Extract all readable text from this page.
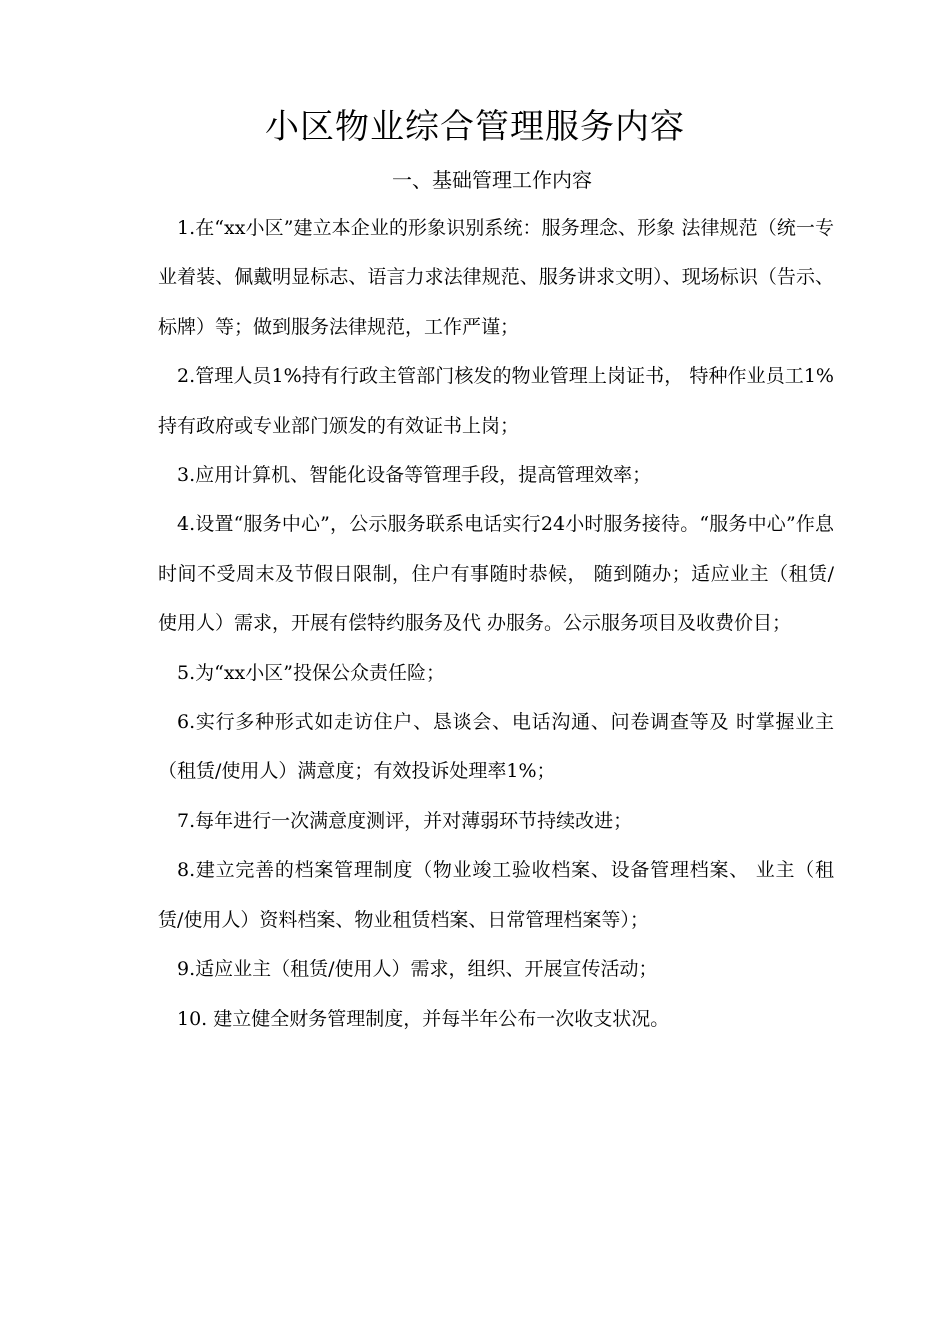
小区物业综合管理服务内容
一、基础管理工作内容

1.在“xx小区”建立本企业的形象识别系统：服务理念、形象 法律规范（统一专业着装、佩戴明显标志、语言力求法律规范、服务讲求文明）、现场标识（告示、标牌）等；做到服务法律规范，工作严谨；

2.管理人员1%持有行政主管部门核发的物业管理上岗证书， 特种作业员工1%持有政府或专业部门颁发的有效证书上岗；

3.应用计算机、智能化设备等管理手段，提高管理效率；

4.设置“服务中心”，公示服务联系电话实行24小时服务接待。“服务中心”作息时间不受周末及节假日限制，住户有事随时恭候， 随到随办；适应业主（租赁/使用人）需求，开展有偿特约服务及代 办服务。公示服务项目及收费价目；

5.为“xx小区”投保公众责任险；

6.实行多种形式如走访住户、恳谈会、电话沟通、问卷调查等及 时掌握业主（租赁/使用人）满意度；有效投诉处理率1%；

7.每年进行一次满意度测评，并对薄弱环节持续改进；

8.建立完善的档案管理制度（物业竣工验收档案、设备管理档案、 业主（租赁/使用人）资料档案、物业租赁档案、日常管理档案等）；

9.适应业主（租赁/使用人）需求，组织、开展宣传活动；

10. 建立健全财务管理制度，并每半年公布一次收支状况。
